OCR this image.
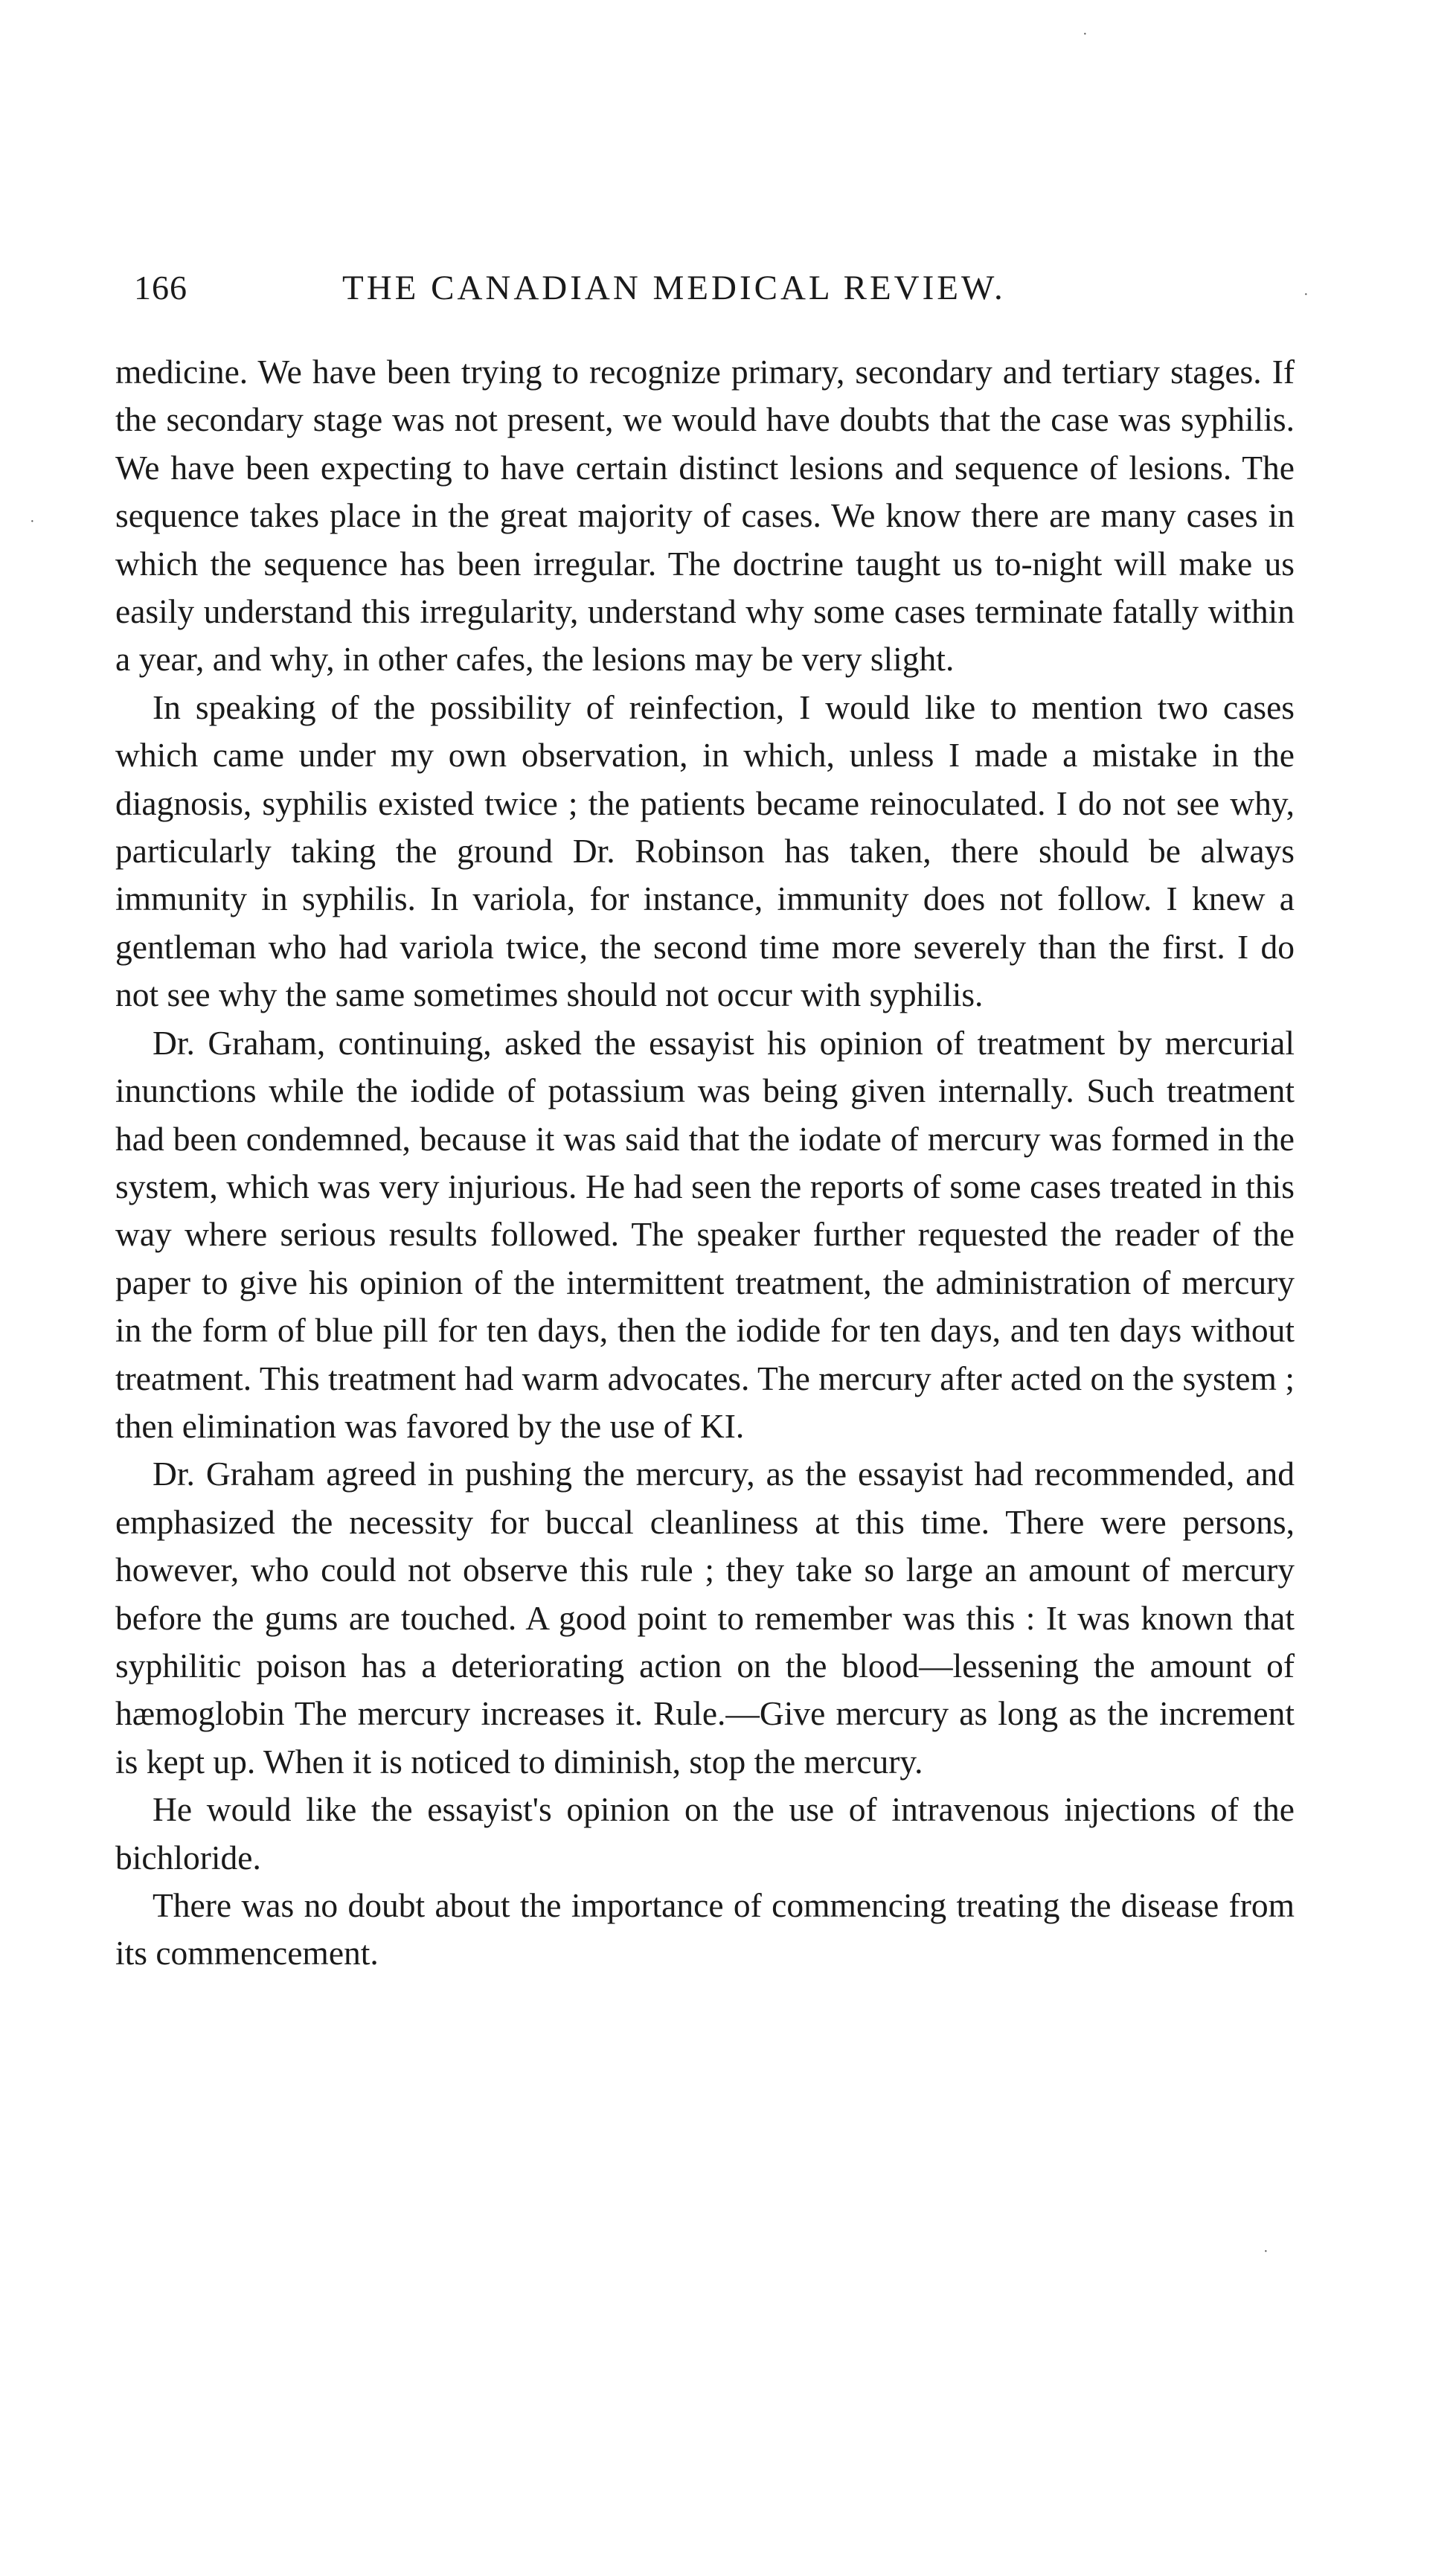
166	THE CANADIAN MEDICAL REVIEW.

medicine. We have been trying to recognize primary, secondary and tertiary stages. If the secondary stage was not present, we would have doubts that the case was syphilis. We have been expecting to have certain distinct lesions and sequence of lesions. The sequence takes place in the great majority of cases. We know there are many cases in which the sequence has been irregular. The doctrine taught us to-night will make us easily understand this irregularity, understand why some cases terminate fatally within a year, and why, in other cafes, the lesions may be very slight.

In speaking of the possibility of reinfection, I would like to mention two cases which came under my own observation, in which, unless I made a mistake in the diagnosis, syphilis existed twice ; the patients became reinoculated. I do not see why, particularly taking the ground Dr. Robinson has taken, there should be always immunity in syphilis. In variola, for instance, immunity does not follow. I knew a gentleman who had variola twice, the second time more severely than the first. I do not see why the same sometimes should not occur with syphilis.

Dr. Graham, continuing, asked the essayist his opinion of treatment by mercurial inunctions while the iodide of potassium was being given internally. Such treatment had been condemned, because it was said that the iodate of mercury was formed in the system, which was very injurious. He had seen the reports of some cases treated in this way where serious results followed. The speaker further requested the reader of the paper to give his opinion of the intermittent treatment, the administration of mercury in the form of blue pill for ten days, then the iodide for ten days, and ten days without treatment. This treatment had warm advocates. The mercury after acted on the system ; then elimination was favored by the use of KI.

Dr. Graham agreed in pushing the mercury, as the essayist had recommended, and emphasized the necessity for buccal cleanliness at this time. There were persons, however, who could not observe this rule ; they take so large an amount of mercury before the gums are touched. A good point to remember was this : It was known that syphilitic poison has a deteriorating action on the blood—lessening the amount of hæmoglobin The mercury increases it. Rule.—Give mercury as long as the increment is kept up. When it is noticed to diminish, stop the mercury.

He would like the essayist's opinion on the use of intravenous injections of the bichloride.

There was no doubt about the importance of commencing treating the disease from its commencement.

·
·
·
·
